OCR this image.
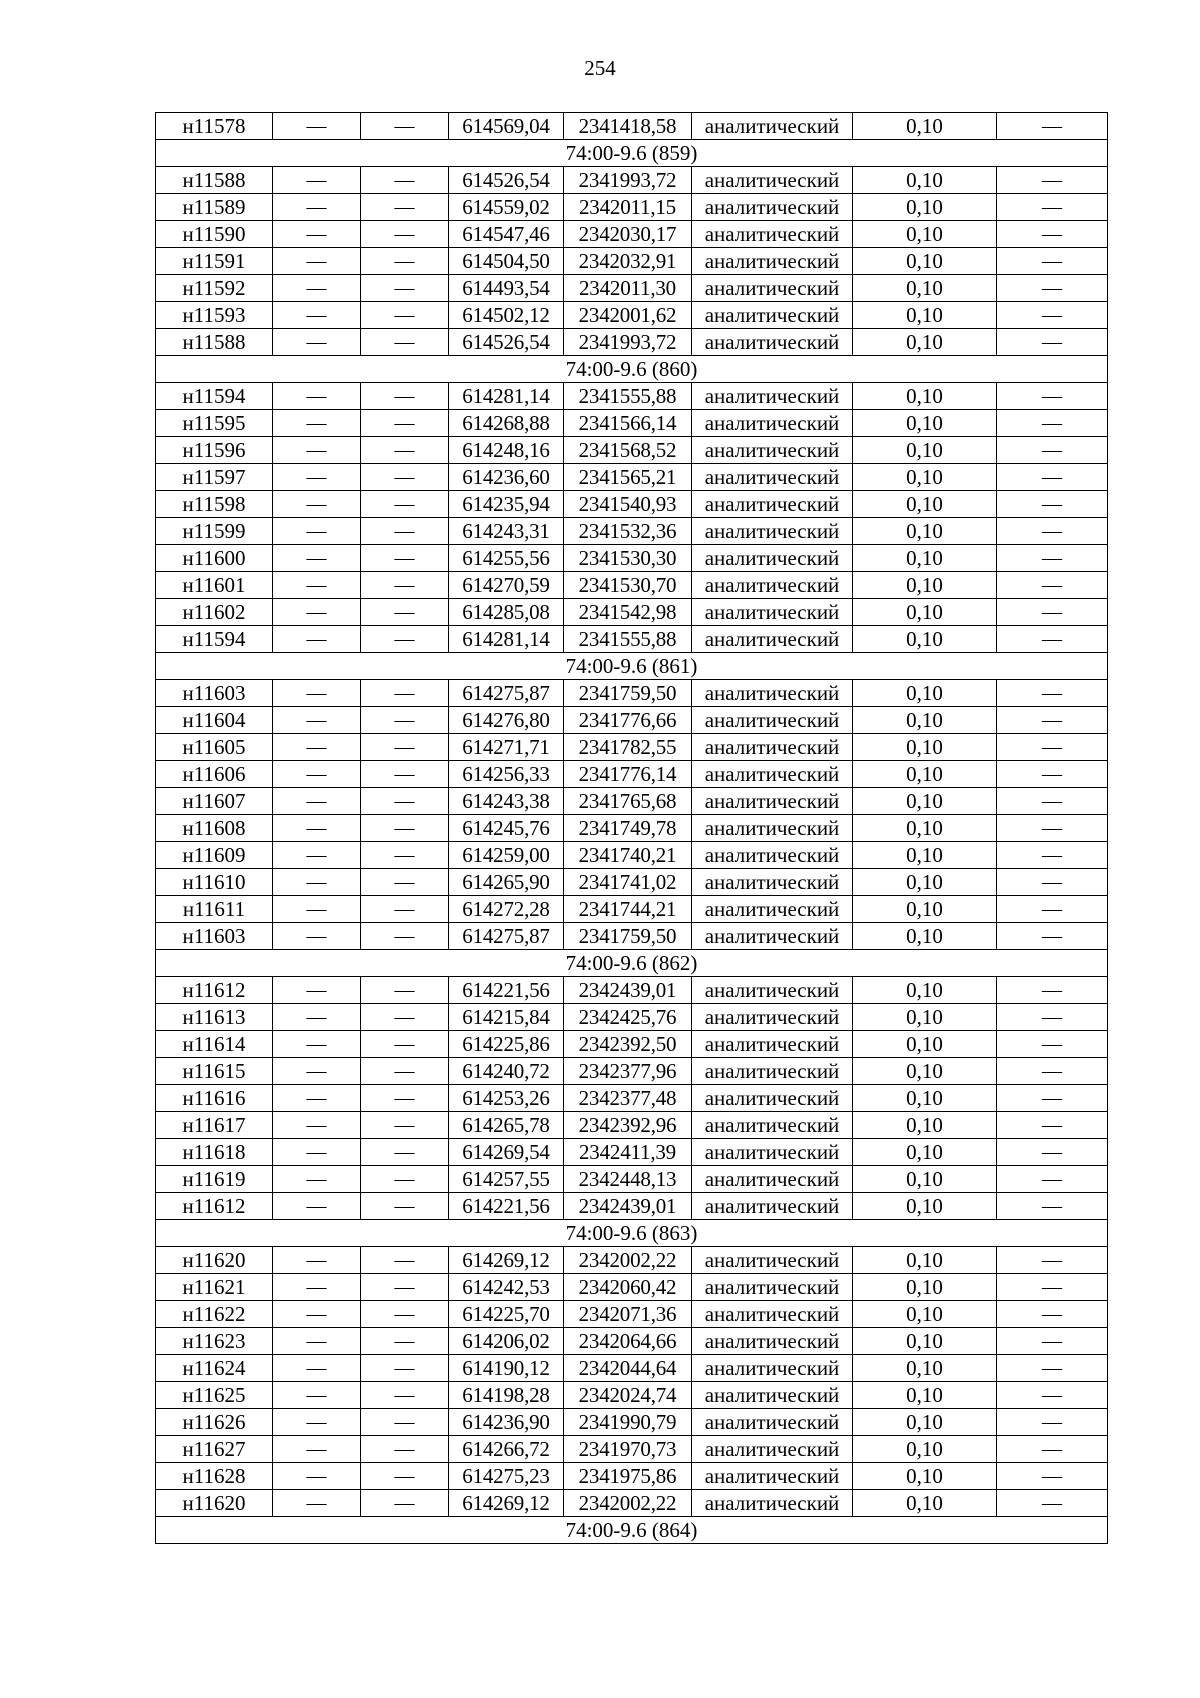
254
н11578	—	—	614569,04	2341418,58	аналитический	0,10	—
74:00-9.6 (859)							
н11588	—	—	614526,54	2341993,72	аналитический	0,10	—
н11589	—	—	614559,02	2342011,15	аналитический	0,10	—
н11590	—	—	614547,46	2342030,17	аналитический	0,10	—
н11591	—	—	614504,50	2342032,91	аналитический	0,10	—
н11592	—	—	614493,54	2342011,30	аналитический	0,10	—
н11593	—	—	614502,12	2342001,62	аналитический	0,10	—
н11588	—	—	614526,54	2341993,72	аналитический	0,10	—
74:00-9.6 (860)							
н11594	—	—	614281,14	2341555,88	аналитический	0,10	—
н11595	—	—	614268,88	2341566,14	аналитический	0,10	—
н11596	—	—	614248,16	2341568,52	аналитический	0,10	—
н11597	—	—	614236,60	2341565,21	аналитический	0,10	—
н11598	—	—	614235,94	2341540,93	аналитический	0,10	—
н11599	—	—	614243,31	2341532,36	аналитический	0,10	—
н11600	—	—	614255,56	2341530,30	аналитический	0,10	—
н11601	—	—	614270,59	2341530,70	аналитический	0,10	—
н11602	—	—	614285,08	2341542,98	аналитический	0,10	—
н11594	—	—	614281,14	2341555,88	аналитический	0,10	—
74:00-9.6 (861)							
н11603	—	—	614275,87	2341759,50	аналитический	0,10	—
н11604	—	—	614276,80	2341776,66	аналитический	0,10	—
н11605	—	—	614271,71	2341782,55	аналитический	0,10	—
н11606	—	—	614256,33	2341776,14	аналитический	0,10	—
н11607	—	—	614243,38	2341765,68	аналитический	0,10	—
н11608	—	—	614245,76	2341749,78	аналитический	0,10	—
н11609	—	—	614259,00	2341740,21	аналитический	0,10	—
н11610	—	—	614265,90	2341741,02	аналитический	0,10	—
н11611	—	—	614272,28	2341744,21	аналитический	0,10	—
н11603	—	—	614275,87	2341759,50	аналитический	0,10	—
74:00-9.6 (862)							
н11612	—	—	614221,56	2342439,01	аналитический	0,10	—
н11613	—	—	614215,84	2342425,76	аналитический	0,10	—
н11614	—	—	614225,86	2342392,50	аналитический	0,10	—
н11615	—	—	614240,72	2342377,96	аналитический	0,10	—
н11616	—	—	614253,26	2342377,48	аналитический	0,10	—
н11617	—	—	614265,78	2342392,96	аналитический	0,10	—
н11618	—	—	614269,54	2342411,39	аналитический	0,10	—
н11619	—	—	614257,55	2342448,13	аналитический	0,10	—
н11612	—	—	614221,56	2342439,01	аналитический	0,10	—
74:00-9.6 (863)							
н11620	—	—	614269,12	2342002,22	аналитический	0,10	—
н11621	—	—	614242,53	2342060,42	аналитический	0,10	—
н11622	—	—	614225,70	2342071,36	аналитический	0,10	—
н11623	—	—	614206,02	2342064,66	аналитический	0,10	—
н11624	—	—	614190,12	2342044,64	аналитический	0,10	—
н11625	—	—	614198,28	2342024,74	аналитический	0,10	—
н11626	—	—	614236,90	2341990,79	аналитический	0,10	—
н11627	—	—	614266,72	2341970,73	аналитический	0,10	—
н11628	—	—	614275,23	2341975,86	аналитический	0,10	—
н11620	—	—	614269,12	2342002,22	аналитический	0,10	—
74:00-9.6 (864)							
